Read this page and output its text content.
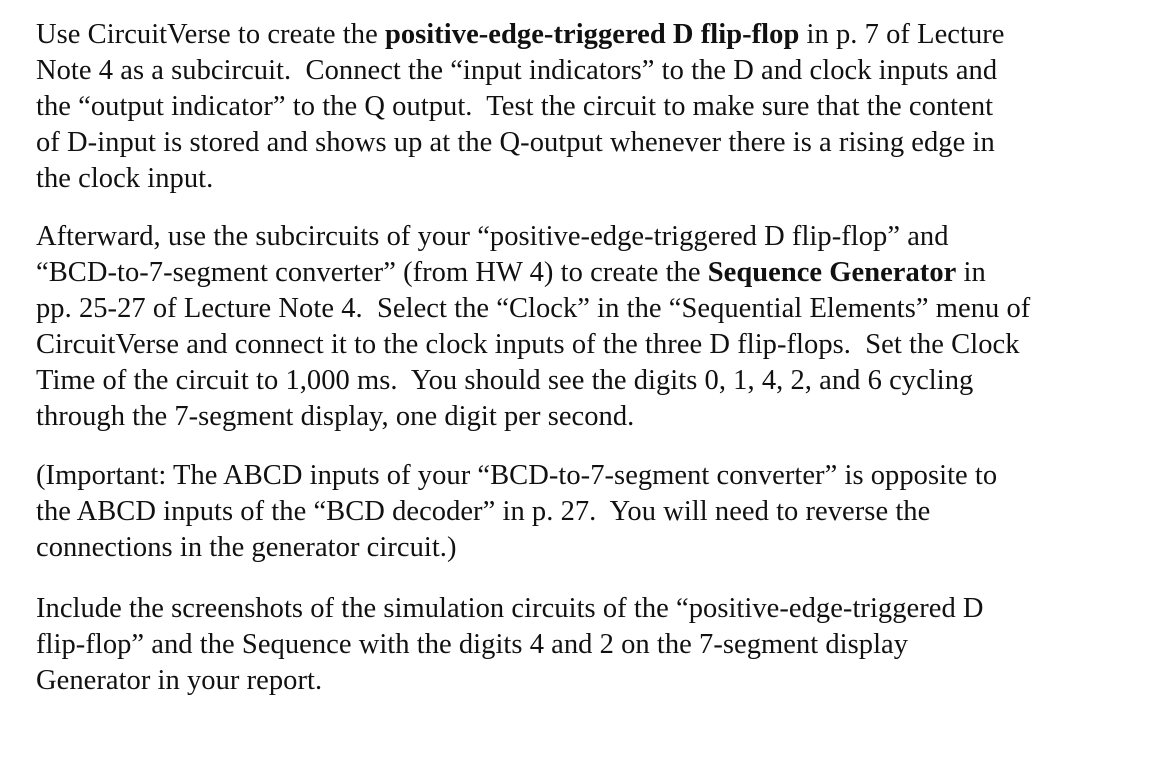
Use CircuitVerse to create the positive-edge-triggered D flip-flop in p. 7 of Lecture
Note 4 as a subcircuit.  Connect the “input indicators” to the D and clock inputs and
the “output indicator” to the Q output.  Test the circuit to make sure that the content
of D-input is stored and shows up at the Q-output whenever there is a rising edge in
the clock input.

Afterward, use the subcircuits of your “positive-edge-triggered D flip-flop” and
“BCD-to-7-segment converter” (from HW 4) to create the Sequence Generator in
pp. 25-27 of Lecture Note 4.  Select the “Clock” in the “Sequential Elements” menu of
CircuitVerse and connect it to the clock inputs of the three D flip-flops.  Set the Clock
Time of the circuit to 1,000 ms.  You should see the digits 0, 1, 4, 2, and 6 cycling
through the 7-segment display, one digit per second.

(Important: The ABCD inputs of your “BCD-to-7-segment converter” is opposite to
the ABCD inputs of the “BCD decoder” in p. 27.  You will need to reverse the
connections in the generator circuit.)

Include the screenshots of the simulation circuits of the “positive-edge-triggered D
flip-flop” and the Sequence with the digits 4 and 2 on the 7-segment display
Generator in your report.
